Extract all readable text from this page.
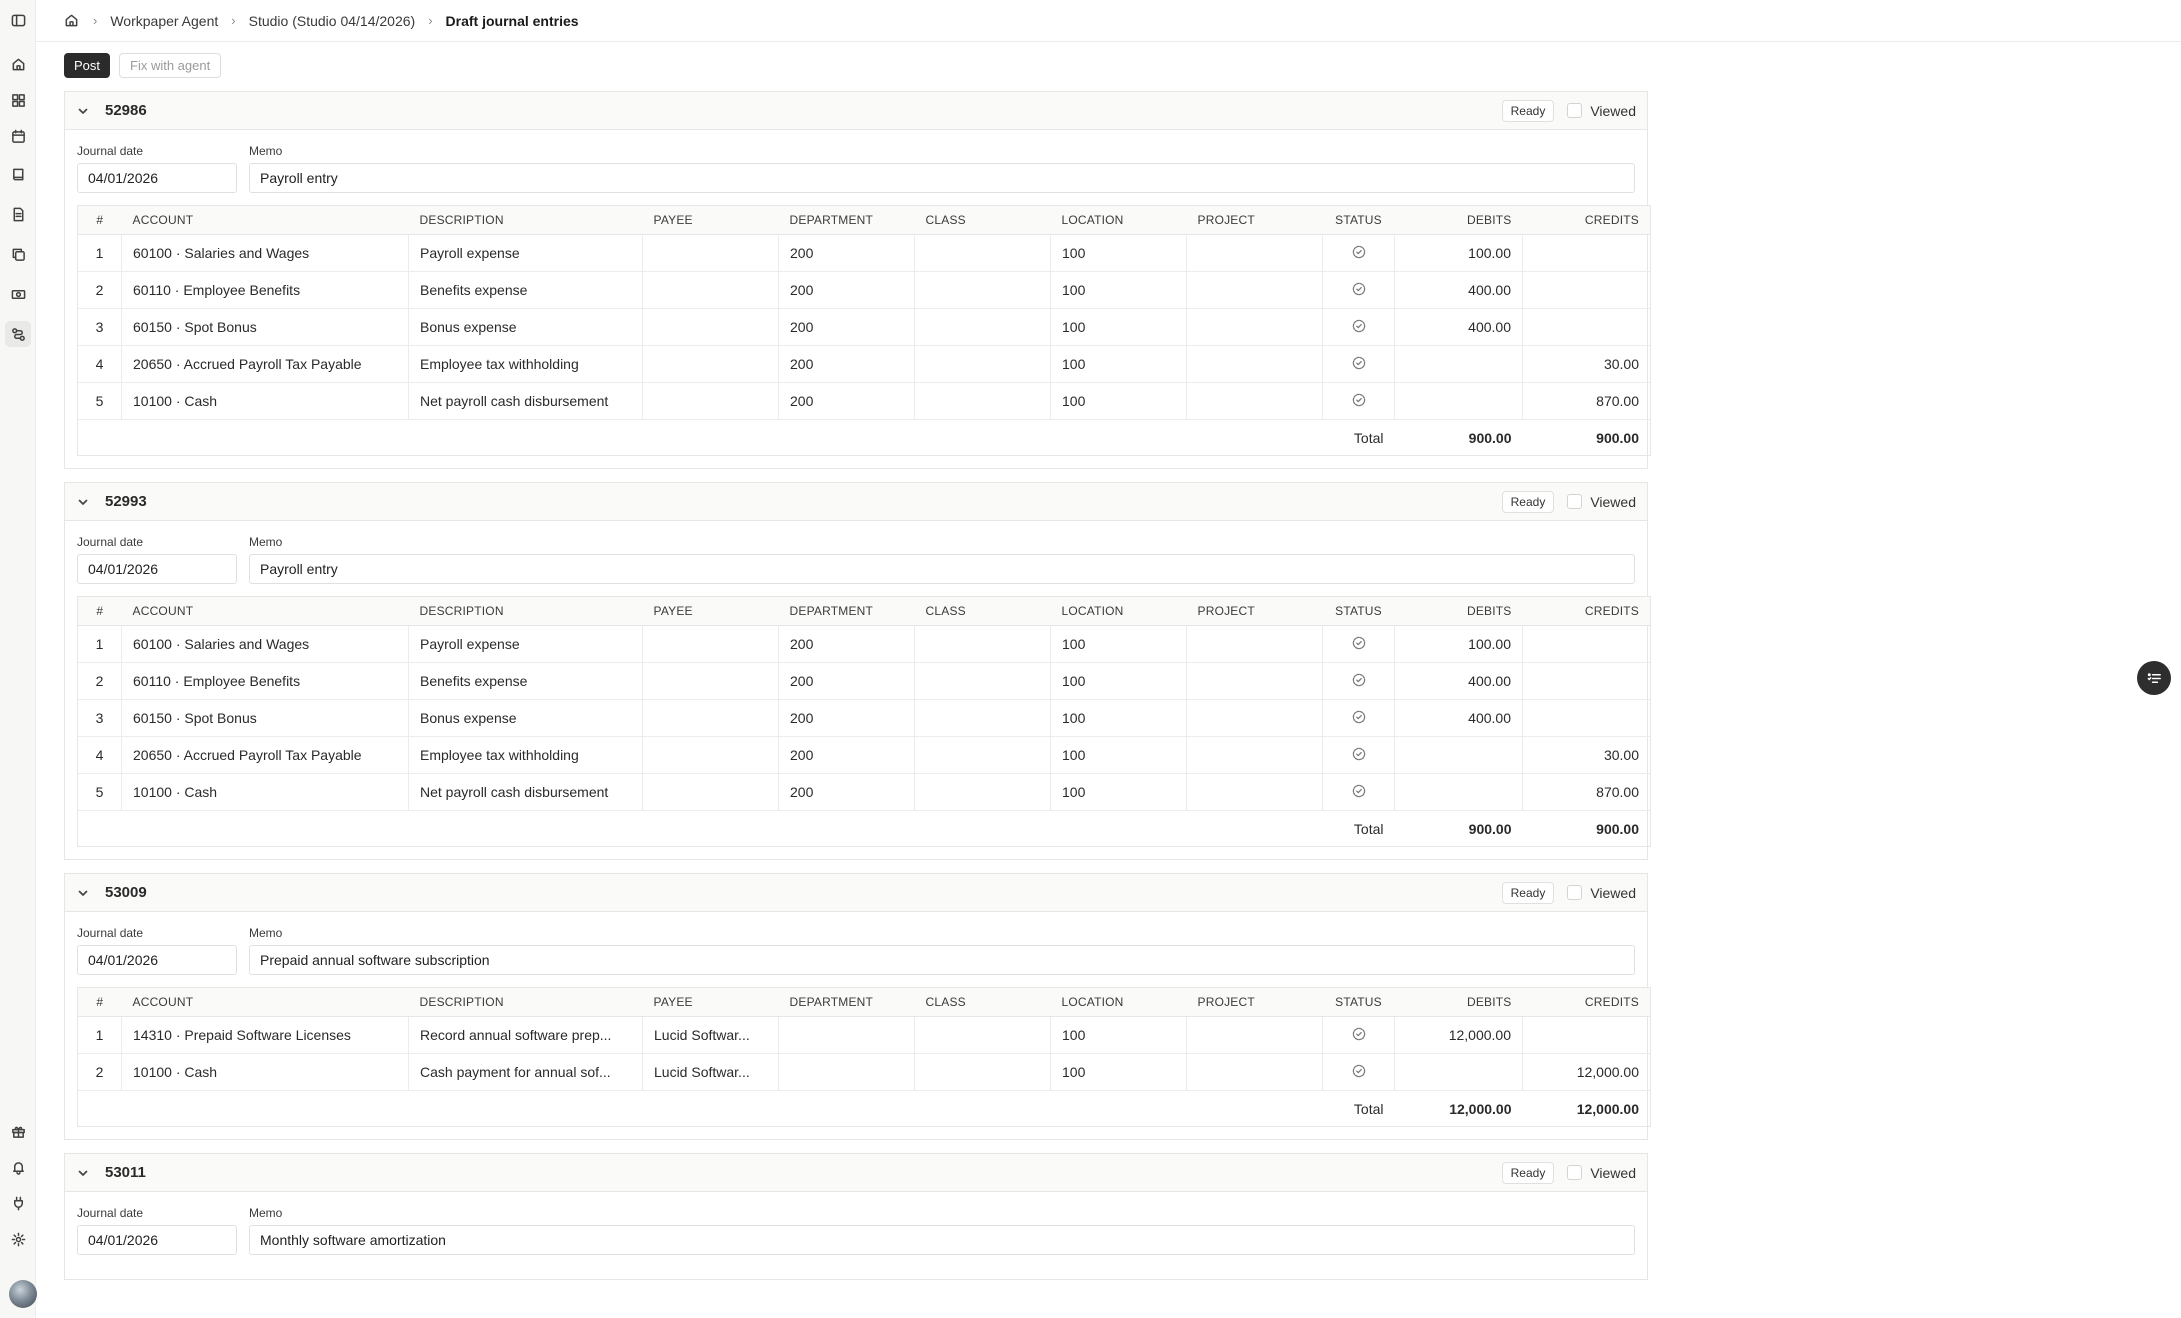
› Workpaper Agent › Studio (Studio 04/14/2026) › Draft journal entries
Post	Fix with agent
52986	Ready	Viewed
Journal date
04/01/2026
Memo
Payroll entry
#	ACCOUNT	DESCRIPTION	PAYEE	DEPARTMENT	CLASS	LOCATION	PROJECT	STATUS	DEBITS	CREDITS
1	60100 · Salaries and Wages	Payroll expense		200		100			100.00	
2	60110 · Employee Benefits	Benefits expense		200		100			400.00	
3	60150 · Spot Bonus	Bonus expense		200		100			400.00	
4	20650 · Accrued Payroll Tax Payable	Employee tax withholding		200		100				30.00
5	10100 · Cash	Net payroll cash disbursement		200		100				870.00
								Total	900.00	900.00
52993	Ready	Viewed
Journal date
04/01/2026
Memo
Payroll entry
#	ACCOUNT	DESCRIPTION	PAYEE	DEPARTMENT	CLASS	LOCATION	PROJECT	STATUS	DEBITS	CREDITS
1	60100 · Salaries and Wages	Payroll expense		200		100			100.00	
2	60110 · Employee Benefits	Benefits expense		200		100			400.00	
3	60150 · Spot Bonus	Bonus expense		200		100			400.00	
4	20650 · Accrued Payroll Tax Payable	Employee tax withholding		200		100				30.00
5	10100 · Cash	Net payroll cash disbursement		200		100				870.00
								Total	900.00	900.00
53009	Ready	Viewed
Journal date
04/01/2026
Memo
Prepaid annual software subscription
#	ACCOUNT	DESCRIPTION	PAYEE	DEPARTMENT	CLASS	LOCATION	PROJECT	STATUS	DEBITS	CREDITS
1	14310 · Prepaid Software Licenses	Record annual software prep...	Lucid Softwar...			100			12,000.00	
2	10100 · Cash	Cash payment for annual sof...	Lucid Softwar...			100				12,000.00
								Total	12,000.00	12,000.00
53011	Ready	Viewed
Journal date
04/01/2026
Memo
Monthly software amortization
